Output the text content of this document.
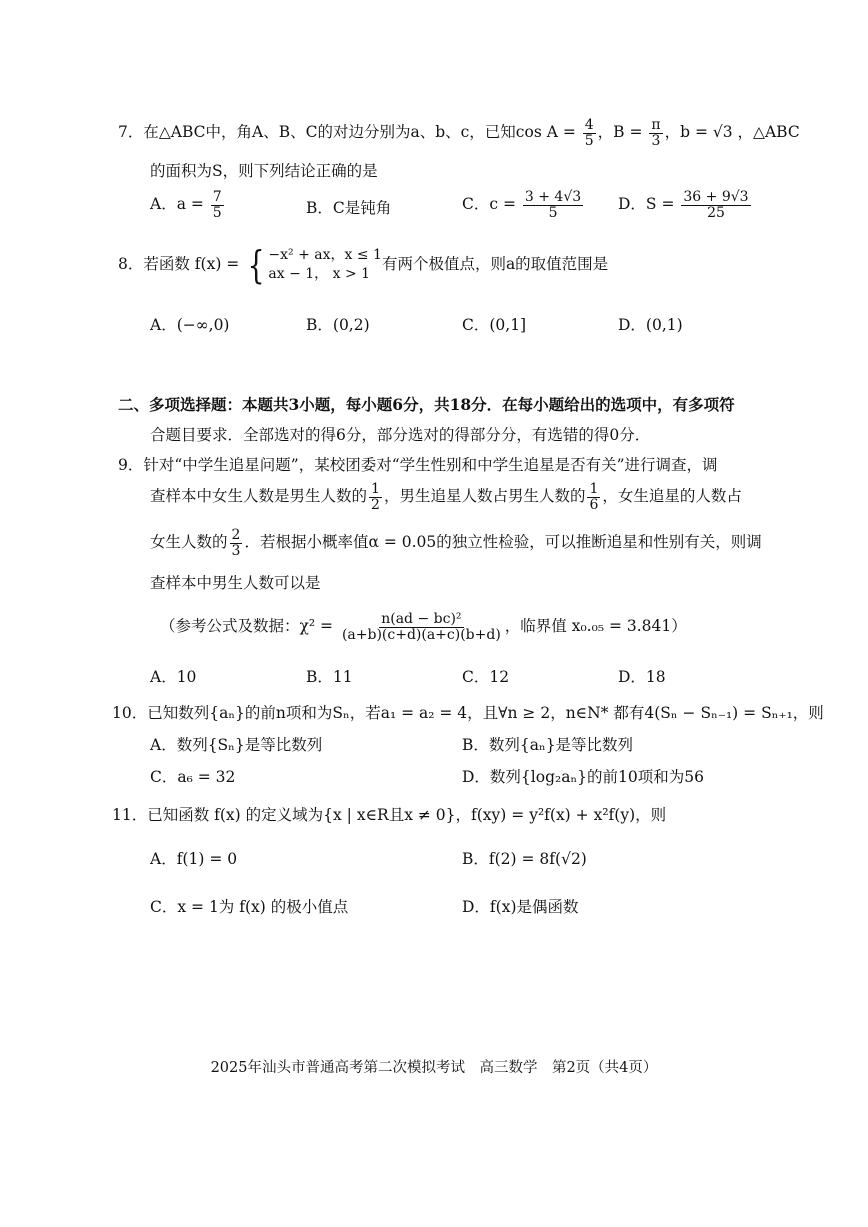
7．在△ABC中，角A、B、C的对边分别为a、b、c，已知$\cos A = \frac{4}{5}$ ，$B = \frac{\pi}{3}$ ，b = √3 ，△ABC
的面积为S，则下列结论正确的是
A．$a = \frac{7}{5}$	B．C是钝角	C．$c = \frac{3 + 4√3}{5}$ D．$S = \frac{36 + 9√3}{25}$
8．若函数 f(x) = { −x² + ax，x ≤ 1
ax − 1， x > 1
有两个极值点，则a的取值范围是
A．(−∞,0)	B．(0,2)	C．(0,1]	D．(0,1)
二、多项选择题：本题共3小题，每小题6分，共18分．在每小题给出的选项中，有多项符
合题目要求．全部选对的得6分，部分选对的得部分分，有选错的得0分．
9．针对“中学生追星问题”，某校团委对“学生性别和中学生追星是否有关”进行调查，调
查样本中女生人数是男生人数的 $\frac{1}{2}$ ，男生追星人数占男生人数的 $\frac{1}{6}$ ，女生追星的人数占
女生人数的 $\frac{2}{3}$ ．若根据小概率值α = 0.05的独立性检验，可以推断追星和性别有关，则调
查样本中男生人数可以是
（参考公式及数据：$\chi^2 = \frac{\text{n(ad − bc)²}}{(a+b)(c+d)(a+c)(b+d)}$ ，临界值 x₀.₀₅ = 3.841）
A．10	B．11	C．12	D．18
10．已知数列{aₙ}的前n项和为Sₙ，若a₁ = a₂ = 4，且∀n ≥ 2，n∈N* 都有4(Sₙ − Sₙ₋₁) = Sₙ₊₁，则
A．数列{Sₙ}是等比数列	B．数列{aₙ}是等比数列
C．a₆ = 32	D．数列{log₂aₙ}的前10项和为56
11．已知函数 f(x) 的定义域为{x | x∈R且x ≠ 0}，f(xy) = y²f(x) + x²f(y)，则
A．f(1) = 0	B．f(2) = 8f(√2)
C．x = 1为 f(x) 的极小值点	D．f(x)是偶函数
2025年汕头市普通高考第二次模拟考试　高三数学　第2页（共4页）
